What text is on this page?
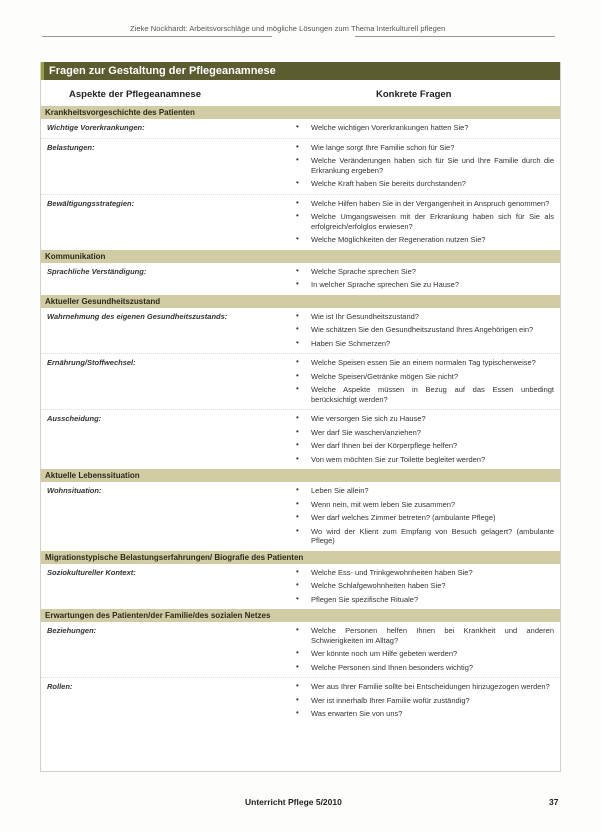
Zieke Nockhardt: Arbeitsvorschläge und mögliche Lösungen zum Thema Interkulturell pflegen
Fragen zur Gestaltung der Pflegeanamnese
Aspekte der Pflegeanamnese	Konkrete Fragen
Krankheitsvorgeschichte des Patienten
Wichtige Vorerkrankungen:	• Welche wichtigen Vorerkrankungen hatten Sie?
Belastungen:	• Wie lange sorgt Ihre Familie schon für Sie?
• Welche Veränderungen haben sich für Sie und Ihre Familie durch die Erkrankung ergeben?
• Welche Kraft haben Sie bereits durchstanden?
Bewältigungsstrategien:	• Welche Hilfen haben Sie in der Vergangenheit in Anspruch genommen?
• Welche Umgangsweisen mit der Erkrankung haben sich für Sie als erfolgreich/erfolglos erwiesen?
• Welche Möglichkeiten der Regeneration nutzen Sie?
Kommunikation
Sprachliche Verständigung:	• Welche Sprache sprechen Sie?
• In welcher Sprache sprechen Sie zu Hause?
Aktueller Gesundheitszustand
Wahrnehmung des eigenen Gesundheitszustands:	• Wie ist Ihr Gesundheitszustand?
• Wie schätzen Sie den Gesundheitszustand Ihres Angehörigen ein?
• Haben Sie Schmerzen?
Ernährung/Stoffwechsel:	• Welche Speisen essen Sie an einem normalen Tag typischerweise?
• Welche Speisen/Getränke mögen Sie nicht?
• Welche Aspekte müssen in Bezug auf das Essen unbedingt berücksichtigt werden?
Ausscheidung:	• Wie versorgen Sie sich zu Hause?
• Wer darf Sie waschen/anziehen?
• Wer darf Ihnen bei der Körperpflege helfen?
• Von wem möchten Sie zur Toilette begleitet werden?
Aktuelle Lebenssituation
Wohnsituation:	• Leben Sie allein?
• Wenn nein, mit wem leben Sie zusammen?
• Wer darf welches Zimmer betreten? (ambulante Pflege)
• Wo wird der Klient zum Empfang von Besuch gelagert? (ambulante Pflege)
Migrationstypische Belastungserfahrungen/ Biografie des Patienten
Soziokultureller Kontext:	• Welche Ess- und Trinkgewohnheiten haben Sie?
• Welche Schlafgewohnheiten haben Sie?
• Pflegen Sie spezifische Rituale?
Erwartungen des Patienten/der Familie/des sozialen Netzes
Beziehungen:	• Welche Personen helfen Ihnen bei Krankheit und anderen Schwierigkeiten im Alltag?
• Wer könnte noch um Hilfe gebeten werden?
• Welche Personen sind Ihnen besonders wichtig?
Rollen:	• Wer aus Ihrer Familie sollte bei Entscheidungen hinzugezogen werden?
• Wer ist innerhalb Ihrer Familie wofür zuständig?
• Was erwarten Sie von uns?
Unterricht Pflege 5/2010	37
